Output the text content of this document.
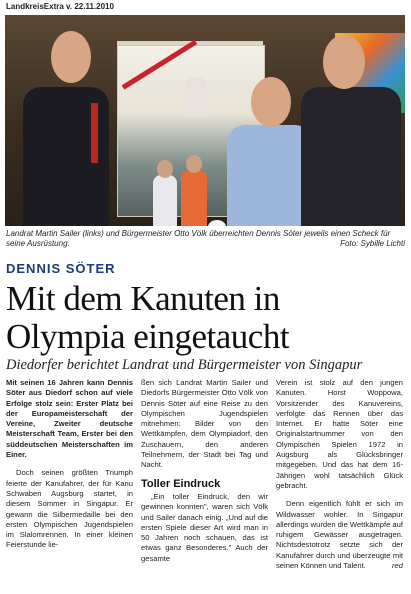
LandkreisExtra v. 22.11.2010
Landrat Martin Sailer (links) und Bürgermeister Otto Völk überreichten Dennis Söter jeweils einen Scheck für seine Ausrüstung.	Foto: Sybille Lichti
DENNIS SÖTER
Mit dem Kanuten in Olympia eingetaucht
Diedorfer berichtet Landrat und Bürgermeister von Singapur

Mit seinen 16 Jahren kann Dennis Söter aus Diedorf schon auf viele Erfolge stolz sein: Erster Platz bei der Europameisterschaft der Vereine, Zweiter deutsche Meisterschaft Team, Erster bei den süddeutschen Meisterschaften im Einer.

Doch seinen größten Triumph feierte der Kanufahrer, der für Kanu Schwaben Augsburg startet, in diesem Sommer in Singapur. Er gewann die Silbermedaille bei den ersten Olympischen Jugendspielen im Slalomrennen. In einer kleinen Feierstunde lie-

ßen sich Landrat Martin Sailer und Diedorfs Bürgermeister Otto Völk von Dennis Söter auf eine Reise zu den Olympischen Jugendspielen mitnehmen: Bilder von den Wettkämpfen, dem Olympiadorf, den Zuschauern, den anderen Teilnehmern, der Stadt bei Tag und Nacht.

Toller Eindruck

„Ein toller Eindruck, den wir gewinnen konnten", waren sich Völk und Sailer danach einig. „Und auf die ersten Spiele dieser Art wird man in 50 Jahren noch schauen, das ist etwas ganz Besonderes." Auch der gesamte

Verein ist stolz auf den jungen Kanuten. Horst Woppowa, Vorsitzender des Kanuvereins, verfolgte das Rennen über das Internet. Er hatte Söter eine Originalstartnummer von den Olympischen Spielen 1972 in Augsburg als Glücksbringer mitgegeben. Und das hat dem 16-Jährigen wohl tatsächlich Glück gebracht.

Denn eigentlich fühlt er sich im Wildwasser wohler. In Singapur allerdings wurden die Wettkämpfe auf ruhigem Gewässer ausgetragen. Nichtsdestotrotz setzte sich der Kanufahrer durch und überzeugte mit seinen Können und Talent.	red
